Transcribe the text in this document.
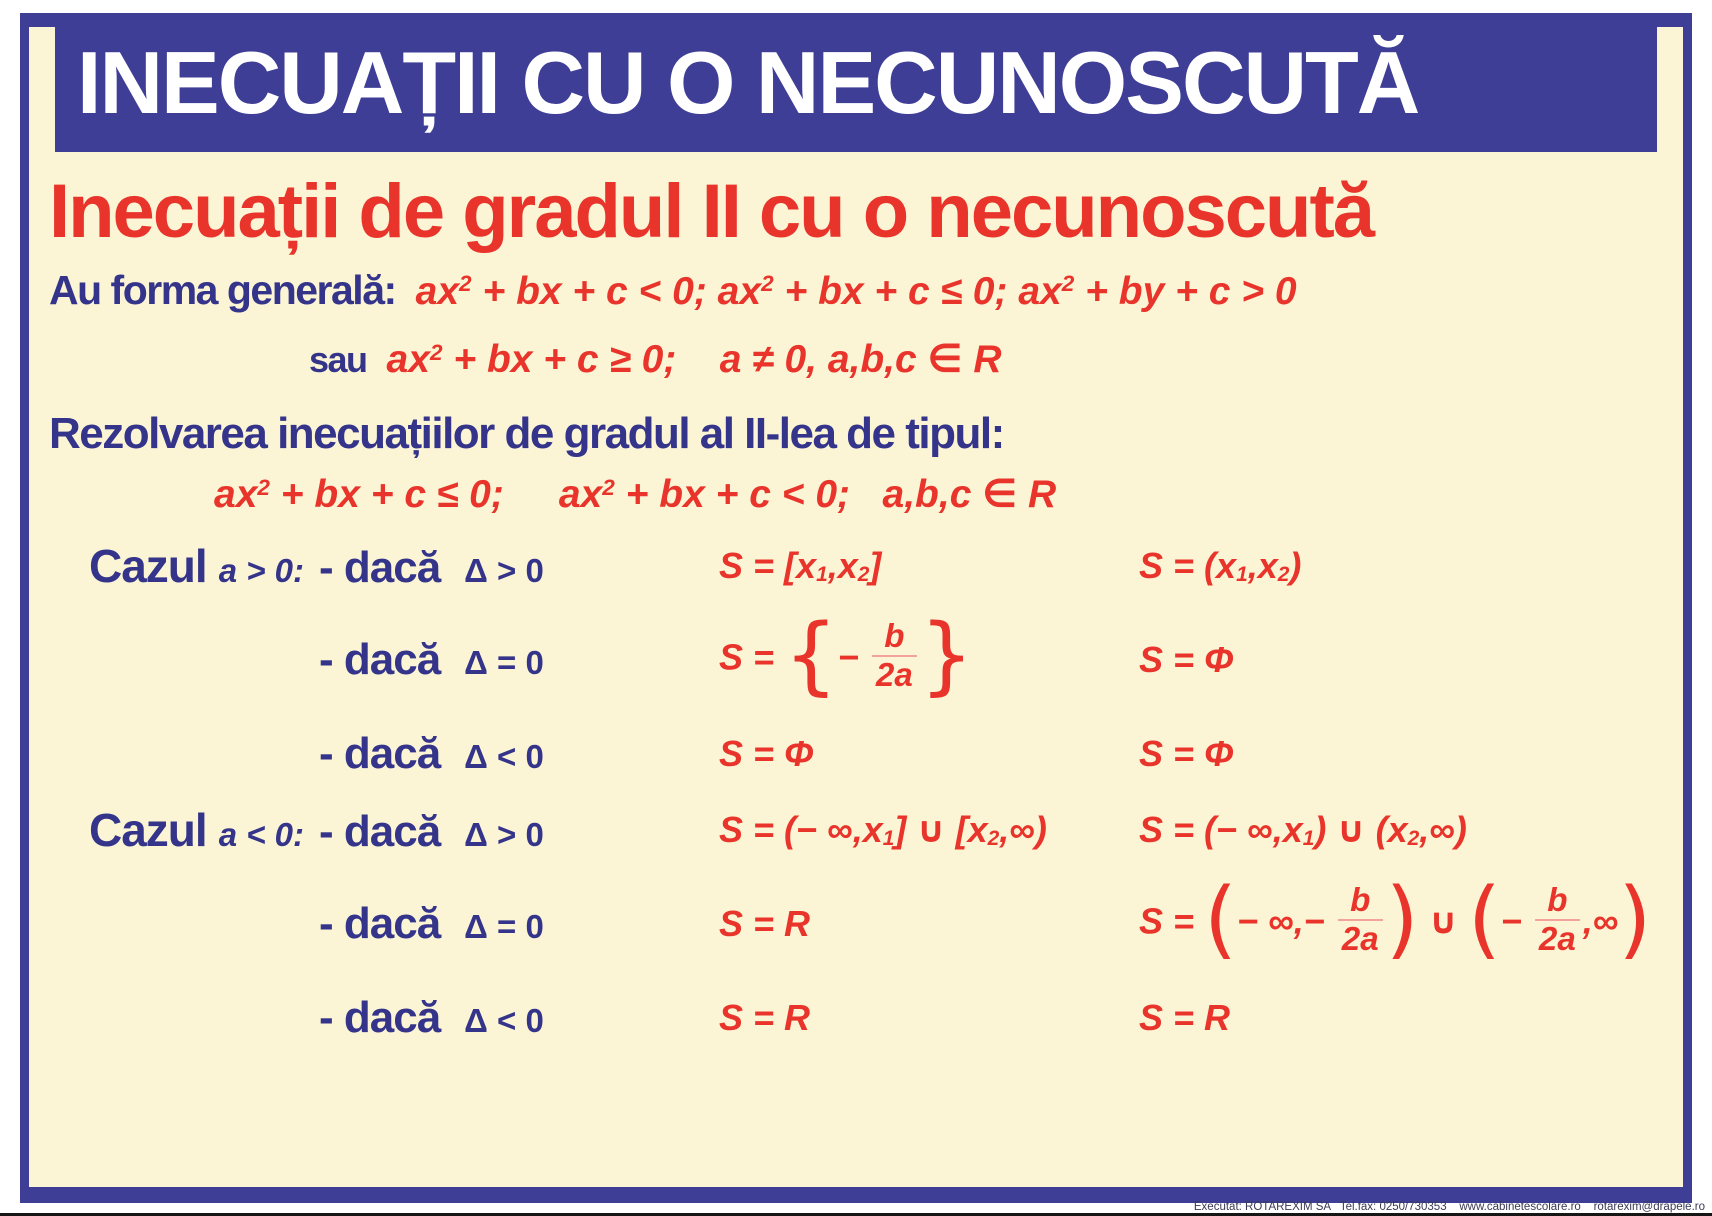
Inecuații de gradul II cu o necunoscută
Au forma generală: $ax^2$ + bx + c < 0; $ax^2$ + bx + c ≤ 0; $ax^2$ + by + c > 0
sau $ax^2$ + bx + c ≥ 0;    a ≠ 0, a,b,c ∈ R
Rezolvarea inecuațiilor de gradul al II-lea de tipul:
$ax^2$ + bx + c ≤ 0; $ax^2$ + bx + c < 0;   a,b,c ∈ R
Cazul a > 0: - dacă Δ > 0	$S = [x_1,x_2]$	$S = (x_1,x_2)$
- dacă Δ = 0	S = {− $\frac{b}{2a}$ }	S = Φ
- dacă Δ < 0	S = Φ	S = Φ
Cazul a < 0: - dacă Δ > 0	S = (− $\infty,x_1$] ∪ $[x_2,\infty)$	S = (− $\infty,x_1$) ∪ $(x_2,\infty)$
- dacă Δ = 0	S = R	S = (− ∞,− $\frac{b}{2a}$ ) ∪ (− $\frac{b}{2a}$ ,∞)
- dacă Δ < 0	S = R	S = R
INECUAȚII CU O NECUNOSCUTĂ
Executat: ROTAREXIM SA   Tel.fax: 0250/730353    www.cabinetescolare.ro    rotarexim@drapele.ro
